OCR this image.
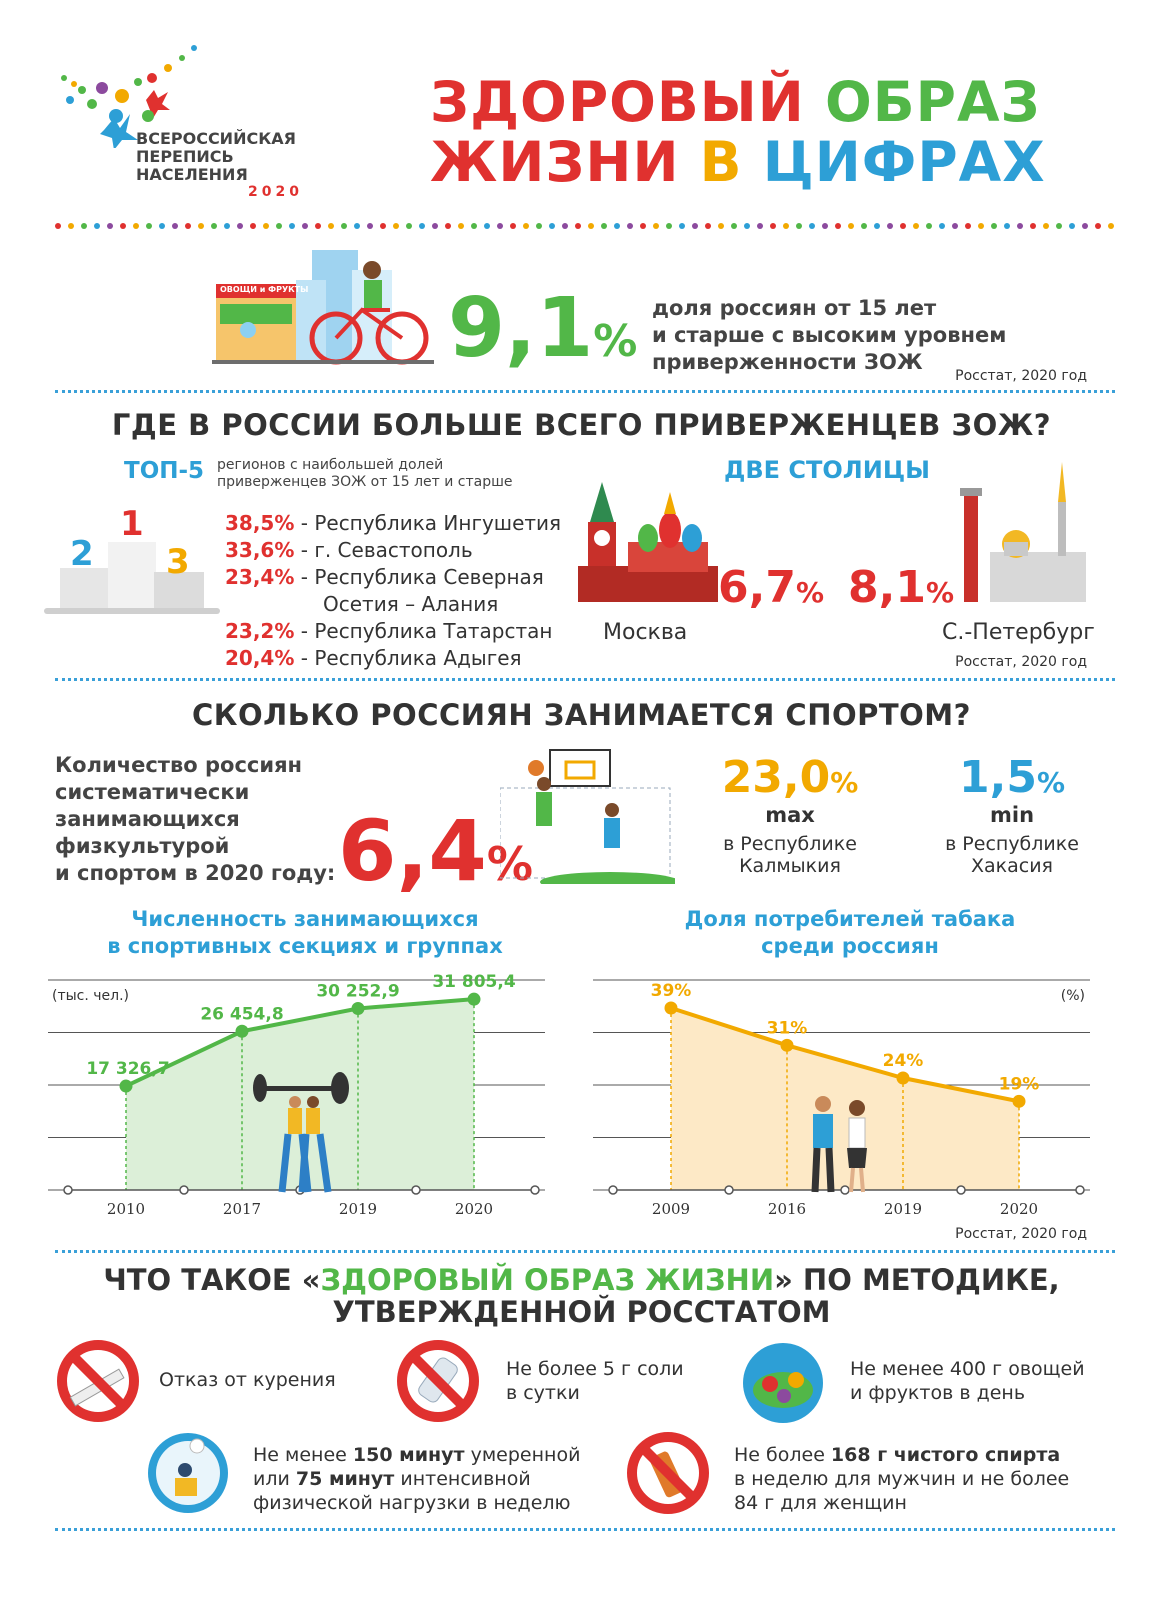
ВСЕРОССИЙСКАЯ
ПЕРЕПИСЬ
НАСЕЛЕНИЯ
2020
ЗДОРОВЫЙ ОБРАЗ
ЖИЗНИ В ЦИФРАХ
ОВОЩИ и ФРУКТЫ 9,1%
доля россиян от 15 лет
и старше с высоким уровнем
приверженности ЗОЖ
Росстат, 2020 год
ГДЕ В РОССИИ БОЛЬШЕ ВСЕГО ПРИВЕРЖЕНЦЕВ ЗОЖ?
ТОП-5 регионов с наибольшей долей
приверженцев ЗОЖ от 15 лет и старше
2
1
3
38,5% - Республика Ингушетия
33,6% - г. Севастополь
23,4% - Республика Северная
Осетия – Алания
23,2% - Республика Татарстан
20,4% - Республика Адыгея
ДВЕ СТОЛИЦЫ
6,7%
Москва
8,1%
С.-Петербург
Росстат, 2020 год
СКОЛЬКО РОССИЯН ЗАНИМАЕТСЯ СПОРТОМ?
Количество россиян
систематически
занимающихся
физкультурой
и спортом в 2020 году: 6,4%
23,0%
max
в Республике
Калмыкия
1,5%
min
в Республике
Хакасия
Численность занимающихся
в спортивных секциях и группах
Доля потребителей табака
среди россиян
(тыс. чел.)
17 326,7
2010
26 454,8
2017
30 252,9
2019
31 805,4
2020
(%)
39%
2009
31%
2016
24%
2019
19%
2020
Росстат, 2020 год
ЧТО ТАКОЕ «ЗДОРОВЫЙ ОБРАЗ ЖИЗНИ» ПО МЕТОДИКЕ,
УТВЕРЖДЕННОЙ РОССТАТОМ
Отказ от курения	Не более 5 г соли
в сутки
Не менее 400 г овощей
и фруктов в день
Не менее 150 минут умеренной
или 75 минут интенсивной
физической нагрузки в неделю
Не более 168 г чистого спирта
в неделю для мужчин и не более
84 г для женщин
